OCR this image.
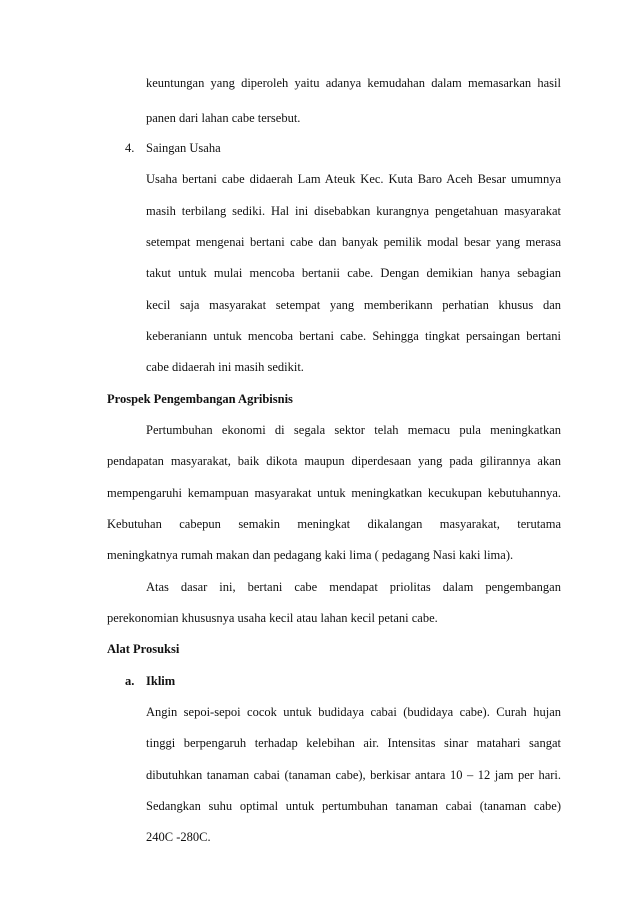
keuntungan yang diperoleh yaitu adanya kemudahan dalam memasarkan hasil
panen dari lahan cabe tersebut.
4. Saingan Usaha
Usaha bertani cabe didaerah Lam Ateuk Kec. Kuta Baro Aceh Besar umumnya
masih terbilang sediki. Hal ini disebabkan kurangnya pengetahuan masyarakat
setempat mengenai bertani cabe dan banyak pemilik modal besar yang merasa
takut untuk mulai mencoba bertanii cabe. Dengan demikian hanya sebagian
kecil saja masyarakat setempat yang memberikann perhatian khusus dan
keberaniann untuk mencoba bertani cabe. Sehingga tingkat persaingan bertani
cabe didaerah ini masih sedikit.
Prospek Pengembangan Agribisnis
Pertumbuhan ekonomi di segala sektor telah memacu pula meningkatkan
pendapatan masyarakat, baik dikota maupun diperdesaan yang pada gilirannya akan
mempengaruhi kemampuan masyarakat untuk meningkatkan kecukupan kebutuhannya.
Kebutuhan cabepun semakin meningkat dikalangan masyarakat, terutama
meningkatnya rumah makan dan pedagang kaki lima ( pedagang Nasi kaki lima).
Atas dasar ini, bertani cabe mendapat priolitas dalam pengembangan
perekonomian khususnya usaha kecil atau lahan kecil petani cabe.
Alat Prosuksi
a. Iklim
Angin sepoi-sepoi cocok untuk budidaya cabai (budidaya cabe). Curah hujan
tinggi berpengaruh terhadap kelebihan air. Intensitas sinar matahari sangat
dibutuhkan tanaman cabai (tanaman cabe), berkisar antara 10 – 12 jam per hari.
Sedangkan suhu optimal untuk pertumbuhan tanaman cabai (tanaman cabe)
240C -280C.
